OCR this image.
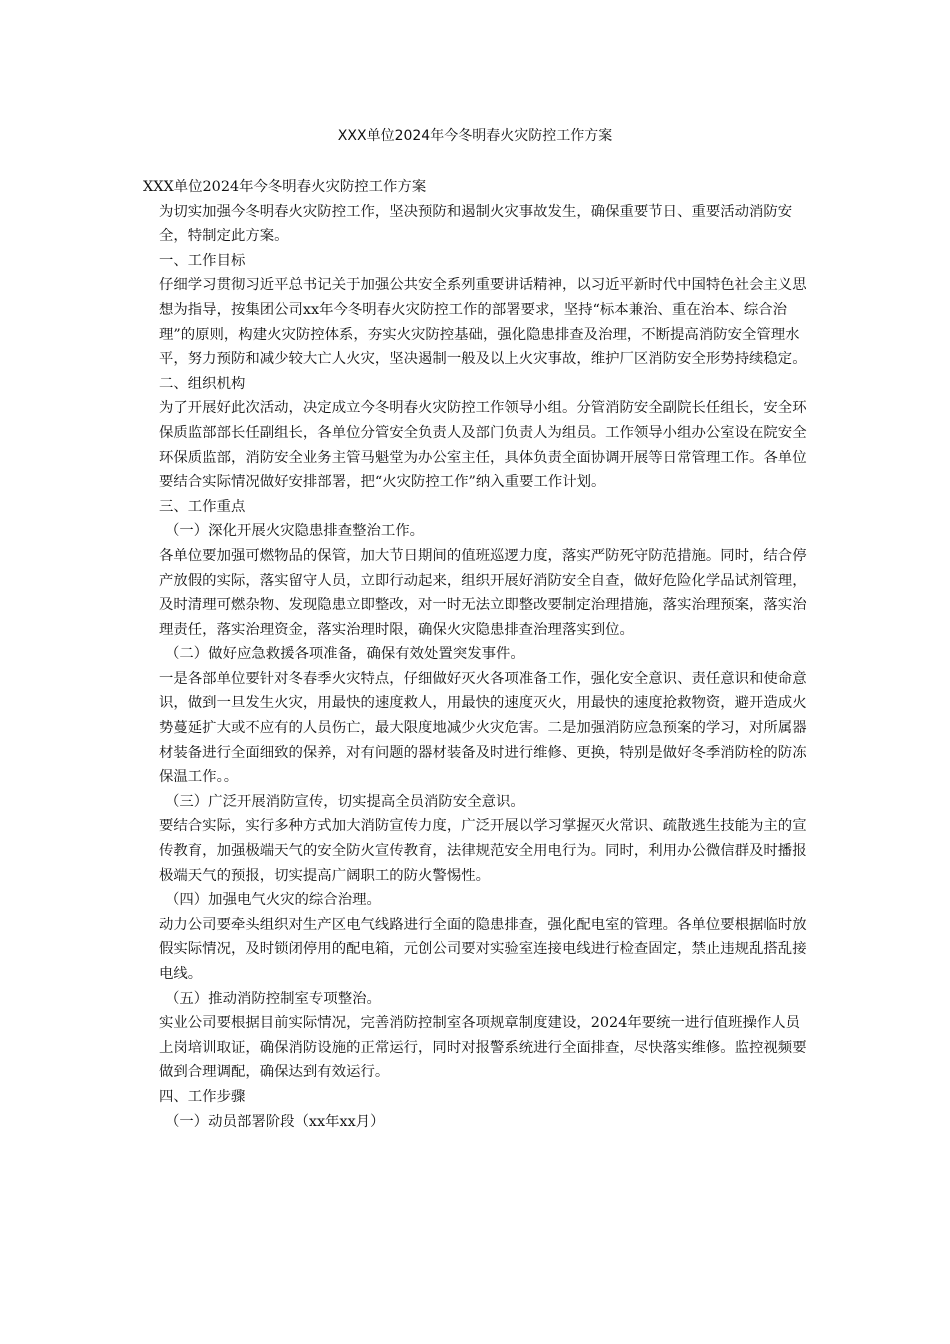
XXX单位2024年今冬明春火灾防控工作方案

XXX单位2024年今冬明春火灾防控工作方案

为切实加强今冬明春火灾防控工作，坚决预防和遏制火灾事故发生，确保重要节日、重要活动消防安全，特制定此方案。

一、工作目标

仔细学习贯彻习近平总书记关于加强公共安全系列重要讲话精神，以习近平新时代中国特色社会主义思想为指导，按集团公司xx年今冬明春火灾防控工作的部署要求，坚持“标本兼治、重在治本、综合治理”的原则，构建火灾防控体系，夯实火灾防控基础，强化隐患排查及治理，不断提高消防安全管理水平，努力预防和减少较大亡人火灾，坚决遏制一般及以上火灾事故，维护厂区消防安全形势持续稳定。

二、组织机构

为了开展好此次活动，决定成立今冬明春火灾防控工作领导小组。分管消防安全副院长任组长，安全环保质监部部长任副组长，各单位分管安全负责人及部门负责人为组员。工作领导小组办公室设在院安全环保质监部，消防安全业务主管马魁堂为办公室主任，具体负责全面协调开展等日常管理工作。各单位要结合实际情况做好安排部署，把“火灾防控工作”纳入重要工作计划。

三、工作重点

（一）深化开展火灾隐患排查整治工作。

各单位要加强可燃物品的保管，加大节日期间的值班巡逻力度，落实严防死守防范措施。同时，结合停产放假的实际，落实留守人员，立即行动起来，组织开展好消防安全自查，做好危险化学品试剂管理，及时清理可燃杂物、发现隐患立即整改，对一时无法立即整改要制定治理措施，落实治理预案，落实治理责任，落实治理资金，落实治理时限，确保火灾隐患排查治理落实到位。

（二）做好应急救援各项准备，确保有效处置突发事件。

一是各部单位要针对冬春季火灾特点，仔细做好灭火各项准备工作，强化安全意识、责任意识和使命意识，做到一旦发生火灾，用最快的速度救人，用最快的速度灭火，用最快的速度抢救物资，避开造成火势蔓延扩大或不应有的人员伤亡，最大限度地减少火灾危害。二是加强消防应急预案的学习，对所属器材装备进行全面细致的保养，对有问题的器材装备及时进行维修、更换，特别是做好冬季消防栓的防冻保温工作。。

（三）广泛开展消防宣传，切实提高全员消防安全意识。

要结合实际，实行多种方式加大消防宣传力度，广泛开展以学习掌握灭火常识、疏散逃生技能为主的宣传教育，加强极端天气的安全防火宣传教育，法律规范安全用电行为。同时，利用办公微信群及时播报极端天气的预报，切实提高广阔职工的防火警惕性。

（四）加强电气火灾的综合治理。

动力公司要牵头组织对生产区电气线路进行全面的隐患排查，强化配电室的管理。各单位要根据临时放假实际情况，及时锁闭停用的配电箱，元创公司要对实验室连接电线进行检查固定，禁止违规乱搭乱接电线。

（五）推动消防控制室专项整治。

实业公司要根据目前实际情况，完善消防控制室各项规章制度建设，2024年要统一进行值班操作人员上岗培训取证，确保消防设施的正常运行，同时对报警系统进行全面排查，尽快落实维修。监控视频要做到合理调配，确保达到有效运行。

四、工作步骤

（一）动员部署阶段（xx年xx月）
